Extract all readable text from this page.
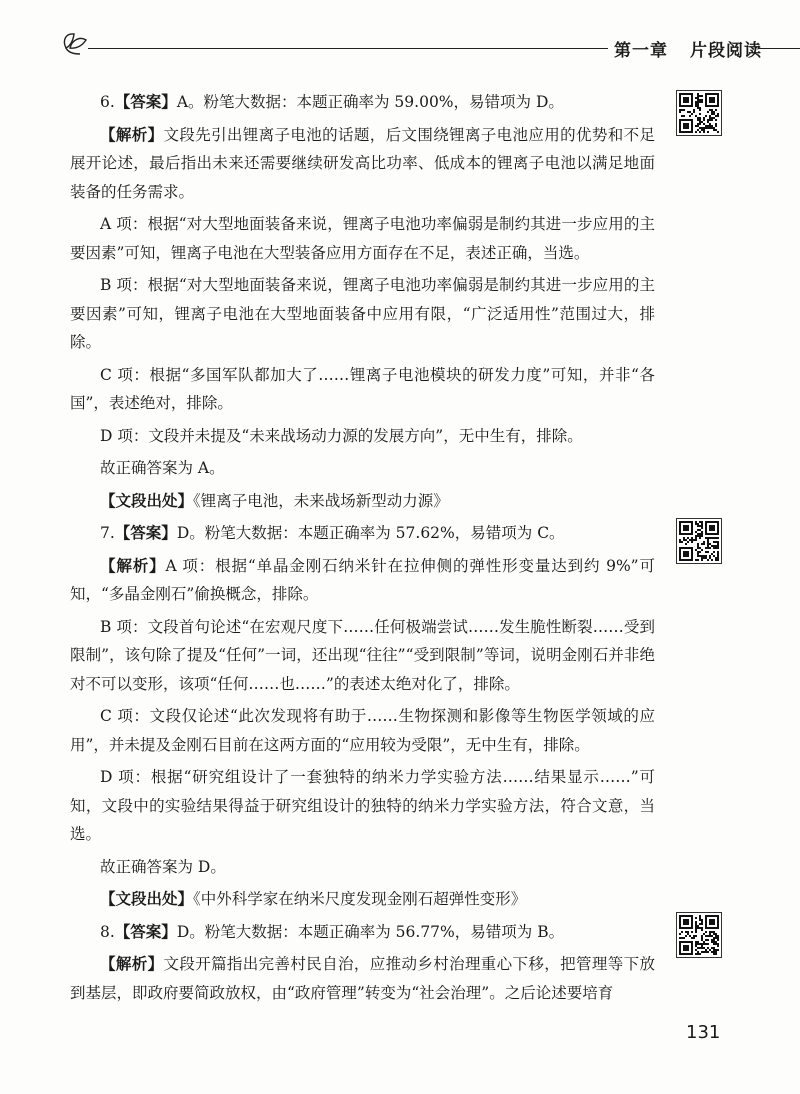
第一章 片段阅读

6.【答案】A。粉笔大数据：本题正确率为 59.00%，易错项为 D。

【解析】文段先引出锂离子电池的话题，后文围绕锂离子电池应用的优势和不足展开论述，最后指出未来还需要继续研发高比功率、低成本的锂离子电池以满足地面装备的任务需求。

A 项：根据“对大型地面装备来说，锂离子电池功率偏弱是制约其进一步应用的主要因素”可知，锂离子电池在大型装备应用方面存在不足，表述正确，当选。

B 项：根据“对大型地面装备来说，锂离子电池功率偏弱是制约其进一步应用的主要因素”可知，锂离子电池在大型地面装备中应用有限，“广泛适用性”范围过大，排除。

C 项：根据“多国军队都加大了……锂离子电池模块的研发力度”可知，并非“各国”，表述绝对，排除。

D 项：文段并未提及“未来战场动力源的发展方向”，无中生有，排除。

故正确答案为 A。

【文段出处】《锂离子电池，未来战场新型动力源》

7.【答案】D。粉笔大数据：本题正确率为 57.62%，易错项为 C。

【解析】A 项：根据“单晶金刚石纳米针在拉伸侧的弹性形变量达到约 9%”可知，“多晶金刚石”偷换概念，排除。

B 项：文段首句论述“在宏观尺度下……任何极端尝试……发生脆性断裂……受到限制”，该句除了提及“任何”一词，还出现“往往”“受到限制”等词，说明金刚石并非绝对不可以变形，该项“任何……也……”的表述太绝对化了，排除。

C 项：文段仅论述“此次发现将有助于……生物探测和影像等生物医学领域的应用”，并未提及金刚石目前在这两方面的“应用较为受限”，无中生有，排除。

D 项：根据“研究组设计了一套独特的纳米力学实验方法……结果显示……”可知，文段中的实验结果得益于研究组设计的独特的纳米力学实验方法，符合文意，当选。

故正确答案为 D。

【文段出处】《中外科学家在纳米尺度发现金刚石超弹性变形》

8.【答案】D。粉笔大数据：本题正确率为 56.77%，易错项为 B。

【解析】文段开篇指出完善村民自治，应推动乡村治理重心下移，把管理等下放到基层，即政府要简政放权，由“政府管理”转变为“社会治理”。之后论述要培育

131
